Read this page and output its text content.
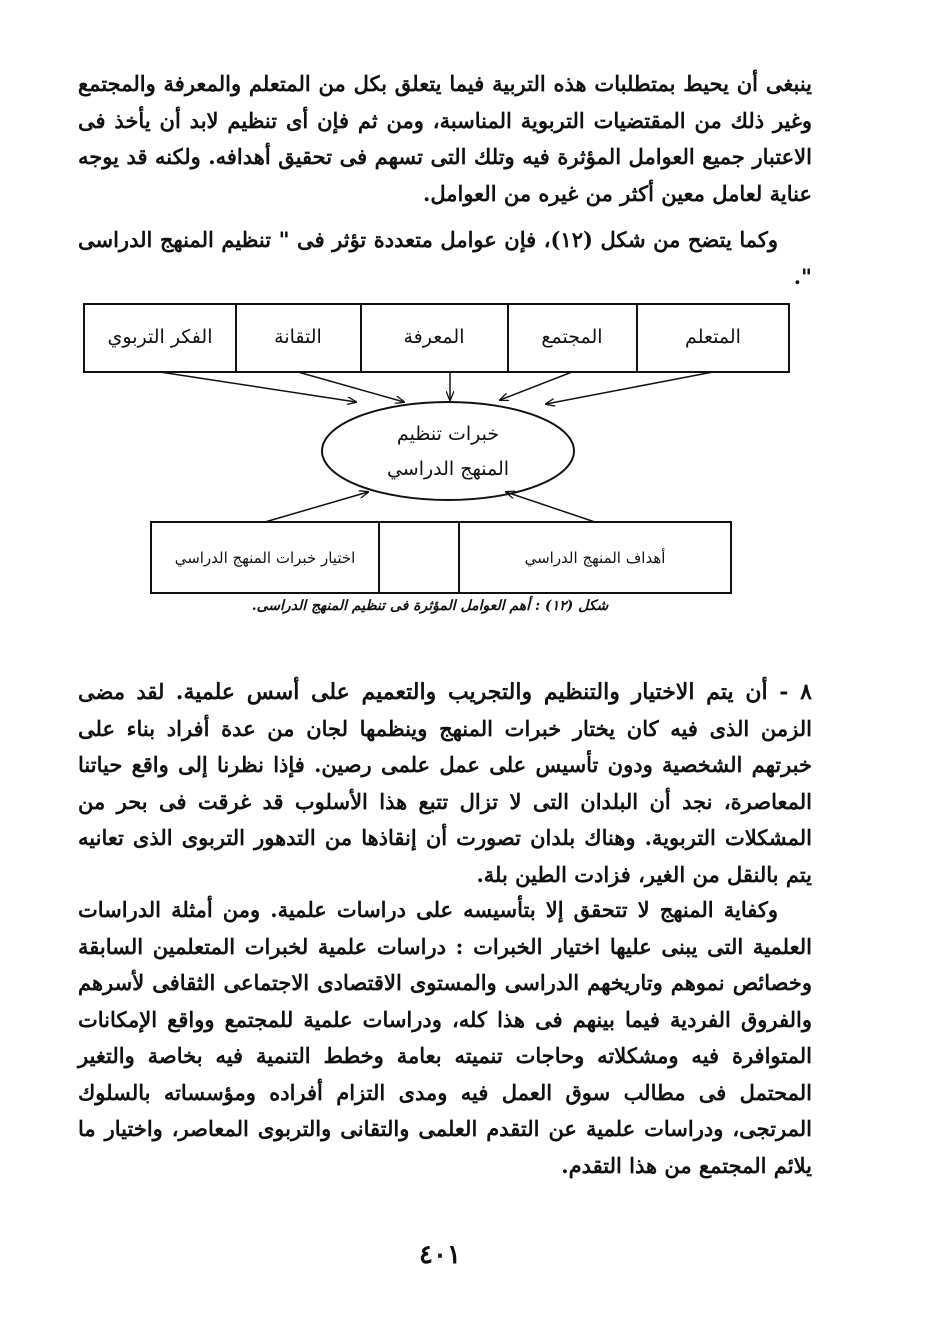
ينبغى أن يحيط بمتطلبات هذه التربية فيما يتعلق بكل من المتعلم والمعرفة والمجتمع وغير ذلك من المقتضيات التربوية المناسبة، ومن ثم فإن أى تنظيم لابد أن يأخذ فى الاعتبار جميع العوامل المؤثرة فيه وتلك التى تسهم فى تحقيق أهدافه. ولكنه قد يوجه عناية لعامل معين أكثر من غيره من العوامل.

وكما يتضح من شكل (١٢)، فإن عوامل متعددة تؤثر فى " تنظيم المنهج الدراسى ".

المتعلم
المجتمع
المعرفة
التقانة
الفكر التربوي
خبرات تنظيم
المنهج الدراسي
أهداف المنهج الدراسي
اختيار خبرات المنهج الدراسي
شكل (١٢) : أهم العوامل المؤثرة فى تنظيم المنهج الدراسى.

٨ - أن يتم الاختيار والتنظيم والتجريب والتعميم على أسس علمية. لقد مضى الزمن الذى فيه كان يختار خبرات المنهج وينظمها لجان من عدة أفراد بناء على خبرتهم الشخصية ودون تأسيس على عمل علمى رصين. فإذا نظرنا إلى واقع حياتنا المعاصرة، نجد أن البلدان التى لا تزال تتبع هذا الأسلوب قد غرقت فى بحر من المشكلات التربوية. وهناك بلدان تصورت أن إنقاذها من التدهور التربوى الذى تعانيه يتم بالنقل من الغير، فزادت الطين بلة.

وكفاية المنهج لا تتحقق إلا بتأسيسه على دراسات علمية. ومن أمثلة الدراسات العلمية التى يبنى عليها اختيار الخبرات : دراسات علمية لخبرات المتعلمين السابقة وخصائص نموهم وتاريخهم الدراسى والمستوى الاقتصادى الاجتماعى الثقافى لأسرهم والفروق الفردية فيما بينهم فى هذا كله، ودراسات علمية للمجتمع وواقع الإمكانات المتوافرة فيه ومشكلاته وحاجات تنميته بعامة وخطط التنمية فيه بخاصة والتغير المحتمل فى مطالب سوق العمل فيه ومدى التزام أفراده ومؤسساته بالسلوك المرتجى، ودراسات علمية عن التقدم العلمى والتقانى والتربوى المعاصر، واختيار ما يلائم المجتمع من هذا التقدم.

٤٠١
